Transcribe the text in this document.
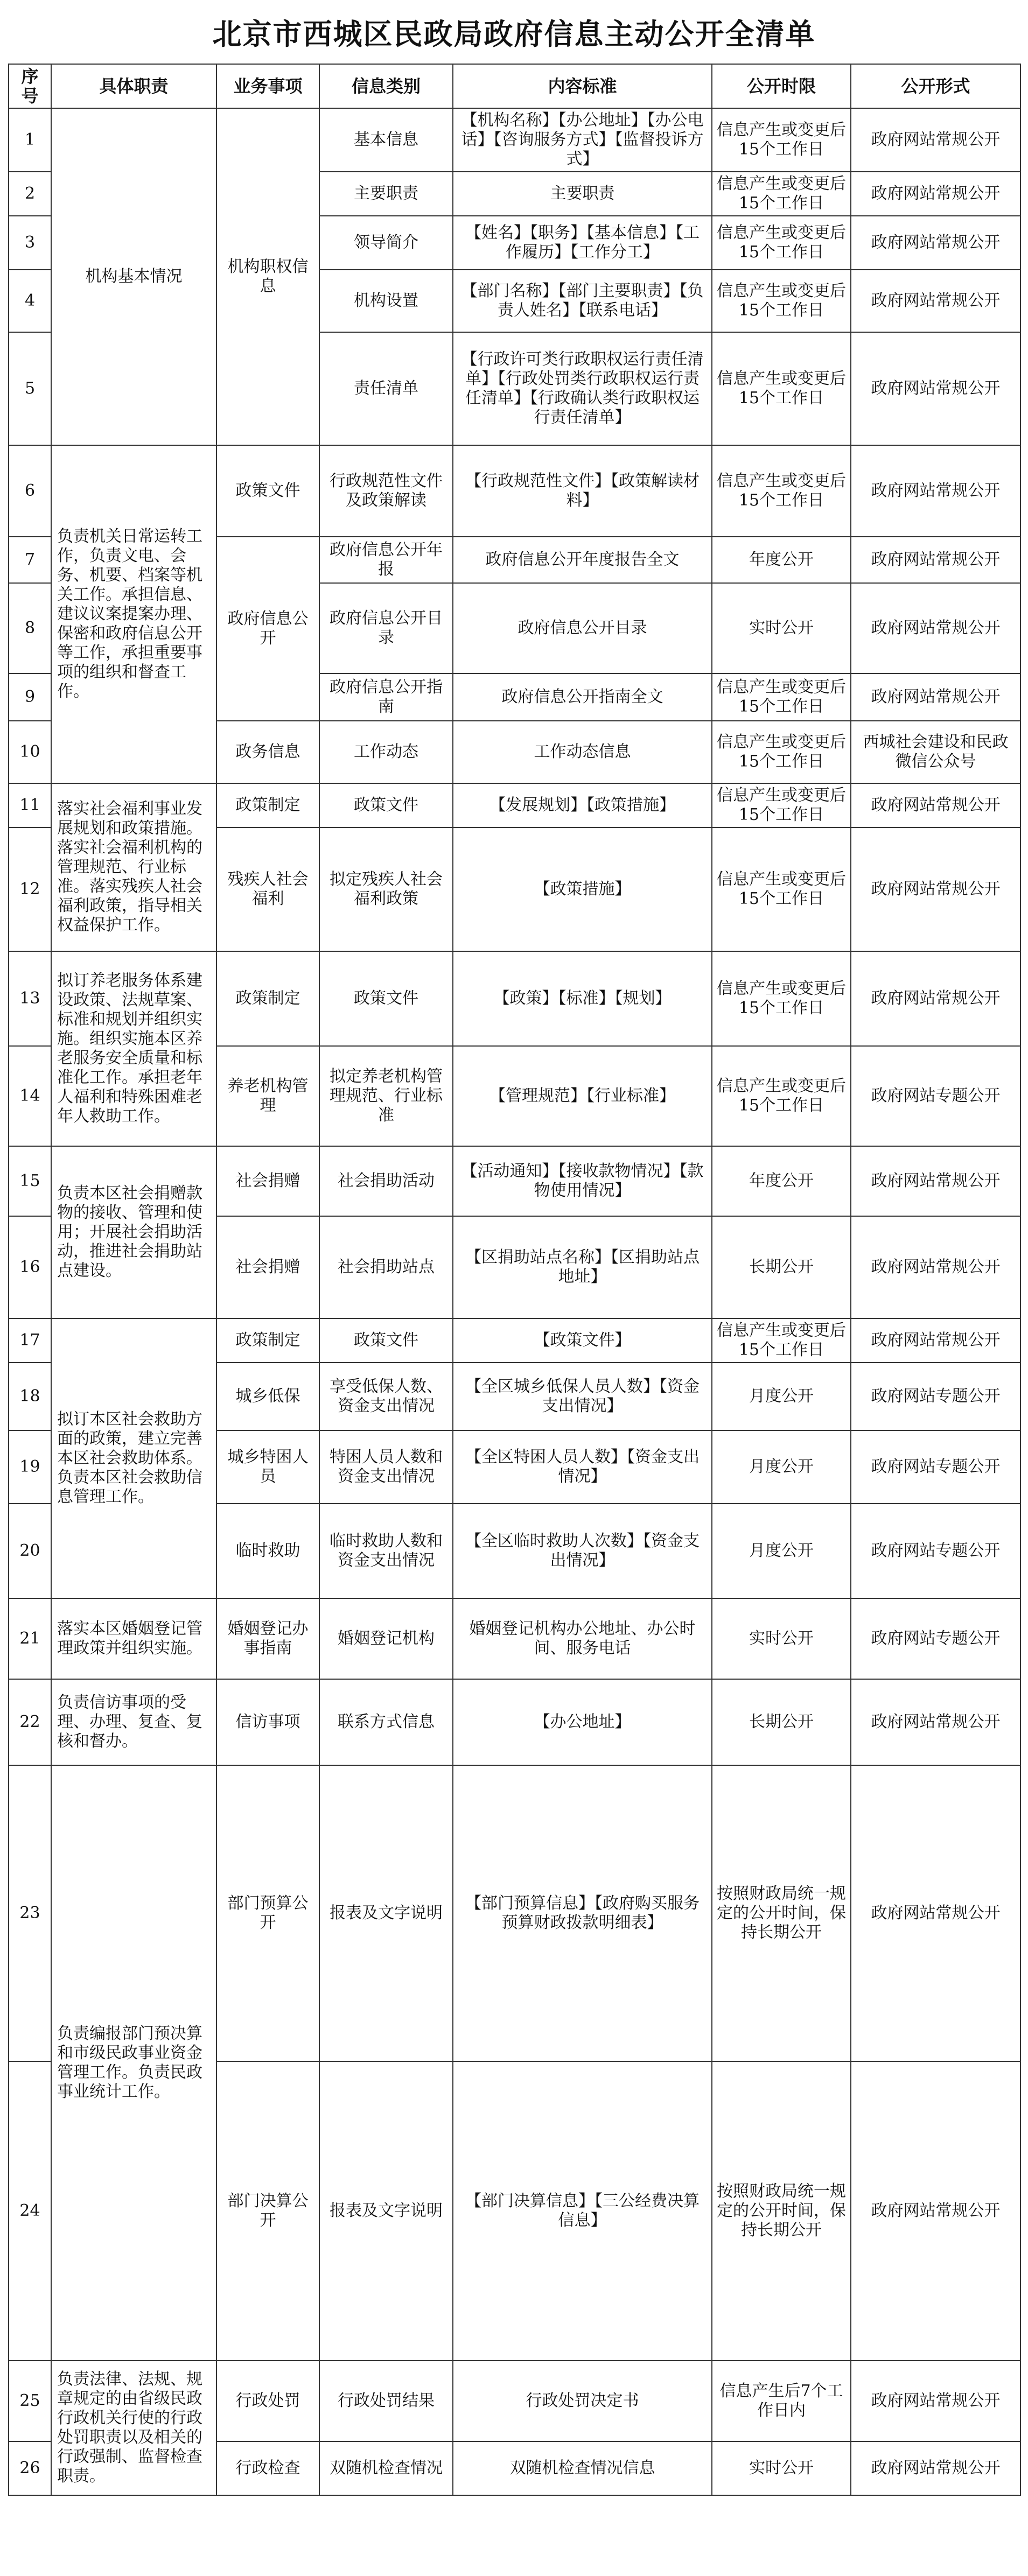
北京市西城区民政局政府信息主动公开全清单
序号	具体职责	业务事项	信息类别	内容标准	公开时限	公开形式
1	机构基本情况	机构职权信息	基本信息	【机构名称】【办公地址】【办公电话】【咨询服务方式】【监督投诉方式】	信息产生或变更后15个工作日	政府网站常规公开
2			主要职责	主要职责	信息产生或变更后15个工作日	政府网站常规公开
3			领导简介	【姓名】【职务】【基本信息】【工作履历】【工作分工】	信息产生或变更后15个工作日	政府网站常规公开
4			机构设置	【部门名称】【部门主要职责】【负责人姓名】【联系电话】	信息产生或变更后15个工作日	政府网站常规公开
5			责任清单	【行政许可类行政职权运行责任清单】【行政处罚类行政职权运行责任清单】【行政确认类行政职权运行责任清单】	信息产生或变更后15个工作日	政府网站常规公开
6	负责机关日常运转工作，负责文电、会务、机要、档案等机关工作。承担信息、建议议案提案办理、保密和政府信息公开等工作，承担重要事项的组织和督查工作。	政策文件	行政规范性文件及政策解读	【行政规范性文件】【政策解读材料】	信息产生或变更后15个工作日	政府网站常规公开
7		政府信息公开	政府信息公开年报	政府信息公开年度报告全文	年度公开	政府网站常规公开
8			政府信息公开目录	政府信息公开目录	实时公开	政府网站常规公开
9			政府信息公开指南	政府信息公开指南全文	信息产生或变更后15个工作日	政府网站常规公开
10		政务信息	工作动态	工作动态信息	信息产生或变更后15个工作日	西城社会建设和民政微信公众号
11	落实社会福利事业发展规划和政策措施。落实社会福利机构的管理规范、行业标准。落实残疾人社会福利政策，指导相关权益保护工作。	政策制定	政策文件	【发展规划】【政策措施】	信息产生或变更后15个工作日	政府网站常规公开
12		残疾人社会福利	拟定残疾人社会福利政策	【政策措施】	信息产生或变更后15个工作日	政府网站常规公开
13	拟订养老服务体系建设政策、法规草案、标准和规划并组织实施。组织实施本区养老服务安全质量和标准化工作。承担老年人福利和特殊困难老年人救助工作。	政策制定	政策文件	【政策】【标准】【规划】	信息产生或变更后15个工作日	政府网站常规公开
14		养老机构管理	拟定养老机构管理规范、行业标准	【管理规范】【行业标准】	信息产生或变更后15个工作日	政府网站专题公开
15	负责本区社会捐赠款物的接收、管理和使用；开展社会捐助活动，推进社会捐助站点建设。	社会捐赠	社会捐助活动	【活动通知】【接收款物情况】【款物使用情况】	年度公开	政府网站常规公开
16		社会捐赠	社会捐助站点	【区捐助站点名称】【区捐助站点地址】	长期公开	政府网站常规公开
17	拟订本区社会救助方面的政策，建立完善本区社会救助体系。负责本区社会救助信息管理工作。	政策制定	政策文件	【政策文件】	信息产生或变更后15个工作日	政府网站常规公开
18		城乡低保	享受低保人数、资金支出情况	【全区城乡低保人员人数】【资金支出情况】	月度公开	政府网站专题公开
19		城乡特困人员	特困人员人数和资金支出情况	【全区特困人员人数】【资金支出情况】	月度公开	政府网站专题公开
20		临时救助	临时救助人数和资金支出情况	【全区临时救助人次数】【资金支出情况】	月度公开	政府网站专题公开
21	落实本区婚姻登记管理政策并组织实施。	婚姻登记办事指南	婚姻登记机构	婚姻登记机构办公地址、办公时间、服务电话	实时公开	政府网站专题公开
22	负责信访事项的受理、办理、复查、复核和督办。	信访事项	联系方式信息	【办公地址】	长期公开	政府网站常规公开
23	负责编报部门预决算和市级民政事业资金管理工作。负责民政事业统计工作。	部门预算公开	报表及文字说明	【部门预算信息】【政府购买服务预算财政拨款明细表】	按照财政局统一规定的公开时间，保持长期公开	政府网站常规公开
24		部门决算公开	报表及文字说明	【部门决算信息】【三公经费决算信息】	按照财政局统一规定的公开时间，保持长期公开	政府网站常规公开
25	负责法律、法规、规章规定的由省级民政行政机关行使的行政处罚职责以及相关的行政强制、监督检查职责。	行政处罚	行政处罚结果	行政处罚决定书	信息产生后7个工作日内	政府网站常规公开
26		行政检查	双随机检查情况	双随机检查情况信息	实时公开	政府网站常规公开
